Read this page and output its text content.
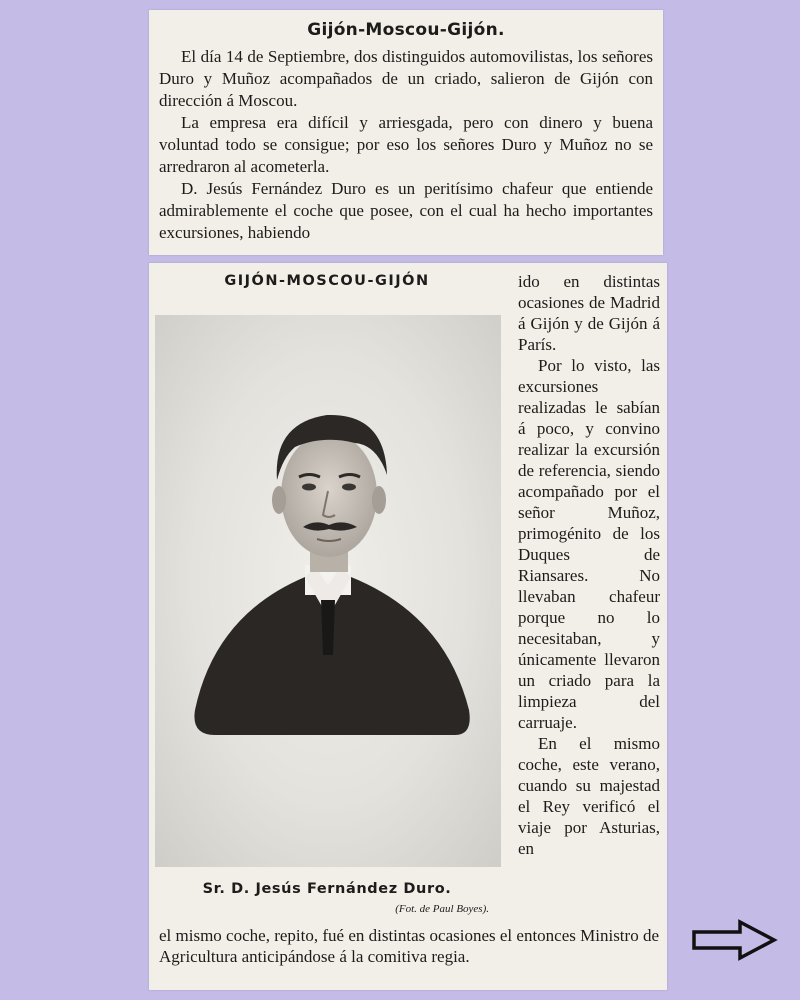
Gijón-Moscou-Gijón.

El día 14 de Septiembre, dos distinguidos automovilistas, los señores Duro y Muñoz acompañados de un criado, salieron de Gijón con dirección á Moscou.

La empresa era difícil y arriesgada, pero con dinero y buena voluntad todo se consigue; por eso los señores Duro y Muñoz no se arredraron al acometerla.

D. Jesús Fernández Duro es un peritísimo chafeur que entiende admirablemente el coche que posee, con el cual ha hecho importantes excursiones, habiendo

GIJÓN-MOSCOU-GIJÓN
Sr. D. Jesús Fernández Duro.
(Fot. de Paul Boyes).

ido en distintas ocasiones de Madrid á Gijón y de Gijón á París.

Por lo visto, las excursiones realizadas le sabían á poco, y convino realizar la excursión de referencia, siendo acompañado por el señor Muñoz, primogénito de los Duques de Riansares. No llevaban chafeur porque no lo necesitaban, y únicamente llevaron un criado para la limpieza del carruaje.

En el mismo coche, este verano, cuando su majestad el Rey verificó el viaje por Asturias, en

el mismo coche, repito, fué en distintas ocasiones el entonces Ministro de Agricultura anticipándose á la comitiva regia.
